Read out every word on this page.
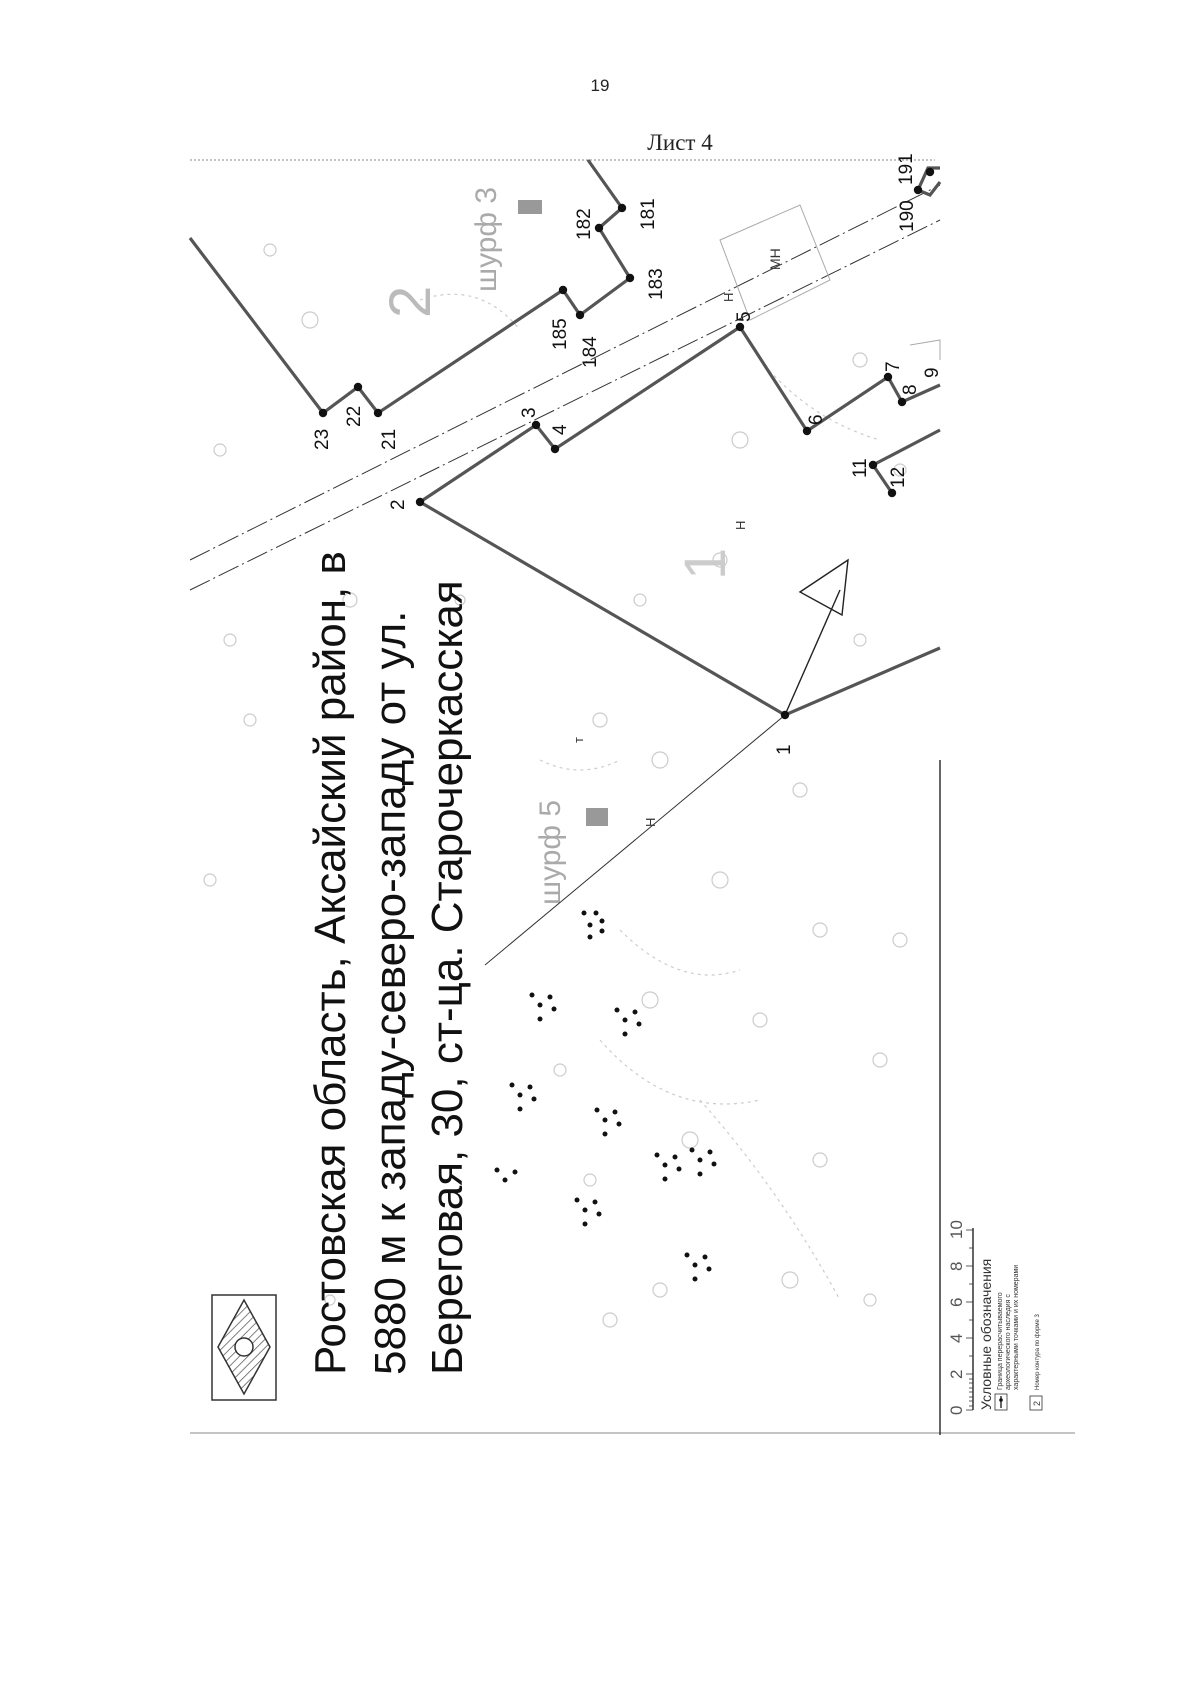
19
Лист 4
2
1
шурф 3
шурф 5
МН
Н
Н
Н
т
1
2
3
4
5
6
7
8
9
11 12
21
22
23
181
182
183
184
185
190
191
Ростовская область, Аксайский район, в 5880 м к западу-северо-западу от ул. Береговая, 30, ст-ца. Старочеркасская
0
2
4
6
8
10
Условные обозначения Граница перерасчитываемого археологического наследия с характерными точками и их номерами
2
Номер контура по форме 3
